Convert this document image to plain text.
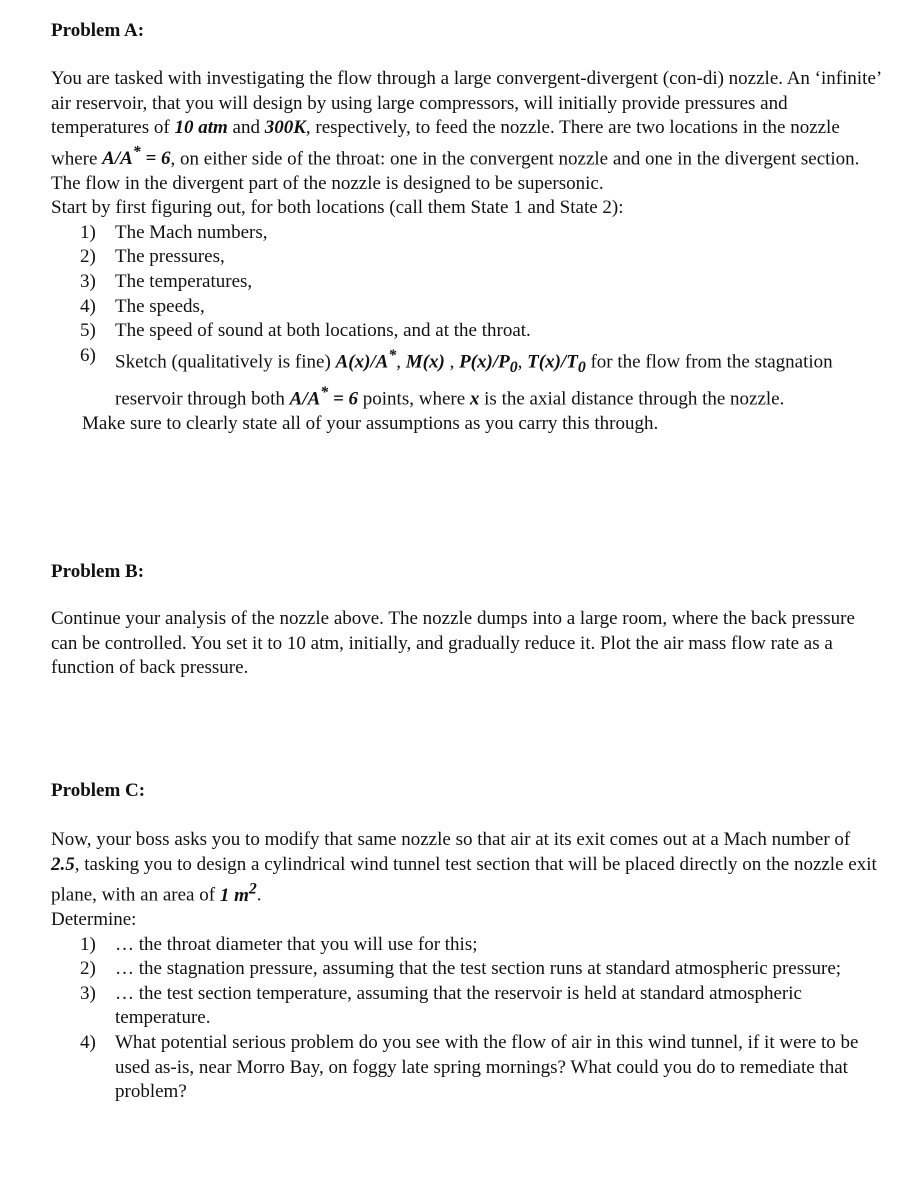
Problem A:

You are tasked with investigating the flow through a large convergent-divergent (con-di) nozzle. An ‘infinite’ air reservoir, that you will design by using large compressors, will initially provide pressures and temperatures of 10 atm and 300K, respectively, to feed the nozzle. There are two locations in the nozzle where A/A* = 6, on either side of the throat: one in the convergent nozzle and one in the divergent section. The flow in the divergent part of the nozzle is designed to be supersonic.

Start by first figuring out, for both locations (call them State 1 and State 2):

1) The Mach numbers,
2) The pressures,
3) The temperatures,
4) The speeds,
5) The speed of sound at both locations, and at the throat.
6) Sketch (qualitatively is fine) A(x)/A*, M(x) , $P(x)/P_0$, $T(x)/T_0$ for the flow from the stagnation reservoir through both A/A* = 6 points, where x is the axial distance through the nozzle.

Make sure to clearly state all of your assumptions as you carry this through.

Problem B:

Continue your analysis of the nozzle above. The nozzle dumps into a large room, where the back pressure can be controlled. You set it to 10 atm, initially, and gradually reduce it. Plot the air mass flow rate as a function of back pressure.

Problem C:

Now, your boss asks you to modify that same nozzle so that air at its exit comes out at a Mach number of 2.5, tasking you to design a cylindrical wind tunnel test section that will be placed directly on the nozzle exit plane, with an area of 1 $m^2$.

Determine:

1) … the throat diameter that you will use for this;
2) … the stagnation pressure, assuming that the test section runs at standard atmospheric pressure;
3) … the test section temperature, assuming that the reservoir is held at standard atmospheric temperature.
4) What potential serious problem do you see with the flow of air in this wind tunnel, if it were to be used as-is, near Morro Bay, on foggy late spring mornings? What could you do to remediate that problem?
